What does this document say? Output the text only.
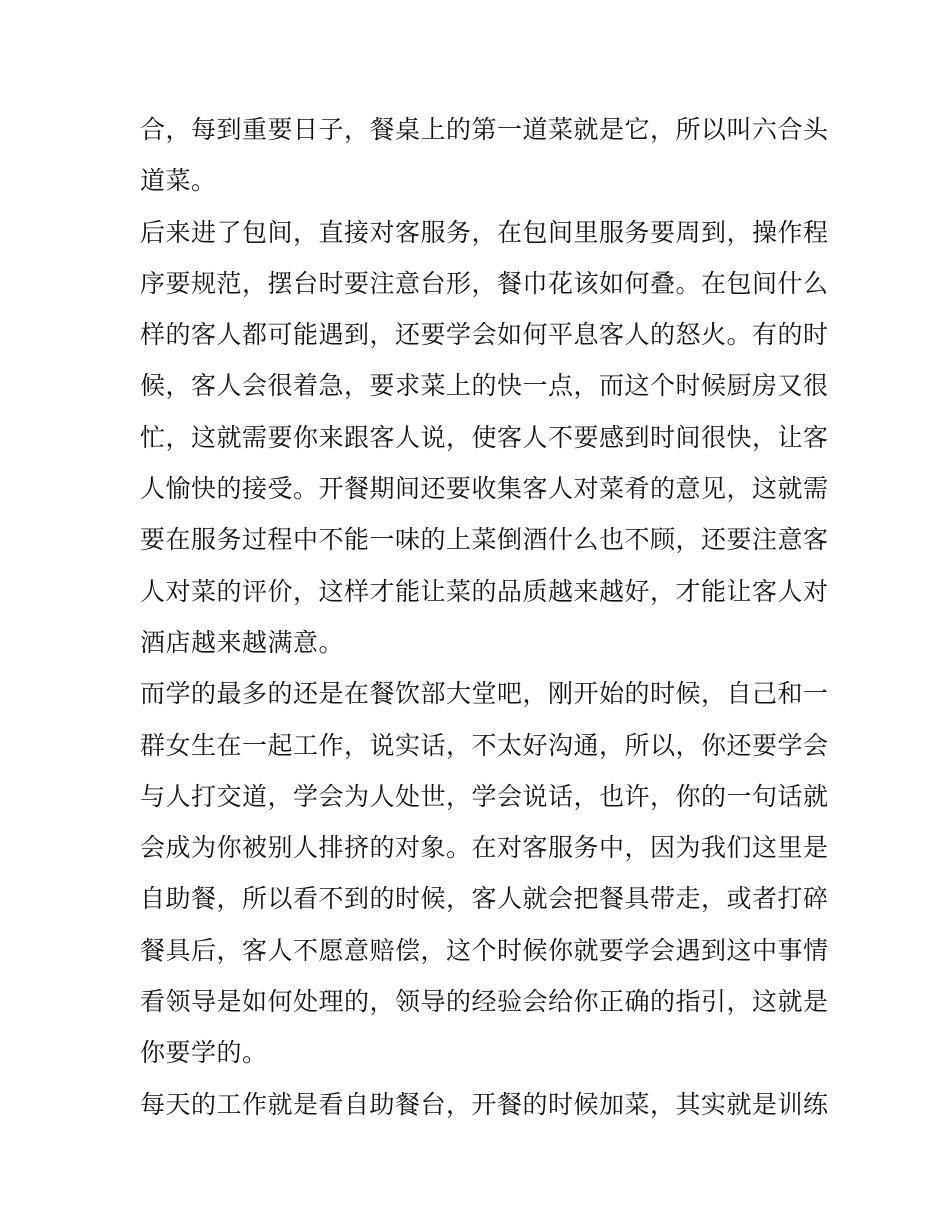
合，每到重要日子，餐桌上的第一道菜就是它，所以叫六合头
道菜。
后来进了包间，直接对客服务，在包间里服务要周到，操作程
序要规范，摆台时要注意台形，餐巾花该如何叠。在包间什么
样的客人都可能遇到，还要学会如何平息客人的怒火。有的时
候，客人会很着急，要求菜上的快一点，而这个时候厨房又很
忙，这就需要你来跟客人说，使客人不要感到时间很快，让客
人愉快的接受。开餐期间还要收集客人对菜肴的意见，这就需
要在服务过程中不能一味的上菜倒酒什么也不顾，还要注意客
人对菜的评价，这样才能让菜的品质越来越好，才能让客人对
酒店越来越满意。
而学的最多的还是在餐饮部大堂吧，刚开始的时候，自己和一
群女生在一起工作，说实话，不太好沟通，所以，你还要学会
与人打交道，学会为人处世，学会说话，也许，你的一句话就
会成为你被别人排挤的对象。在对客服务中，因为我们这里是
自助餐，所以看不到的时候，客人就会把餐具带走，或者打碎
餐具后，客人不愿意赔偿，这个时候你就要学会遇到这中事情
看领导是如何处理的，领导的经验会给你正确的指引，这就是
你要学的。
每天的工作就是看自助餐台，开餐的时候加菜，其实就是训练
